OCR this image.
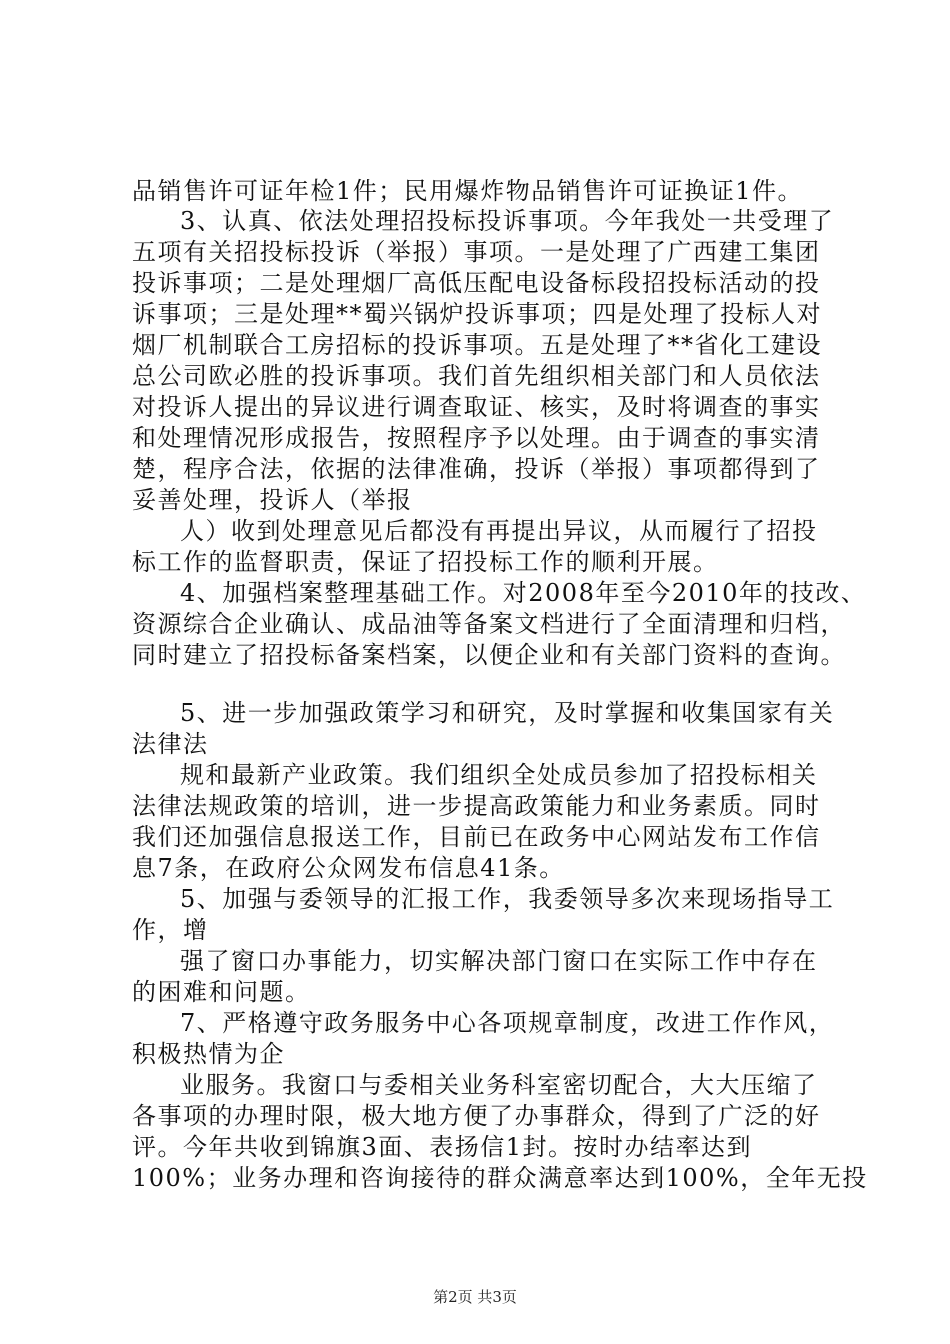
品销售许可证年检1件；民用爆炸物品销售许可证换证1件。
3、认真、依法处理招投标投诉事项。今年我处一共受理了
五项有关招投标投诉（举报）事项。一是处理了广西建工集团
投诉事项；二是处理烟厂高低压配电设备标段招投标活动的投
诉事项；三是处理**蜀兴锅炉投诉事项；四是处理了投标人对
烟厂机制联合工房招标的投诉事项。五是处理了**省化工建设
总公司欧必胜的投诉事项。我们首先组织相关部门和人员依法
对投诉人提出的异议进行调查取证、核实，及时将调查的事实
和处理情况形成报告，按照程序予以处理。由于调查的事实清
楚，程序合法，依据的法律准确，投诉（举报）事项都得到了
妥善处理，投诉人（举报
人）收到处理意见后都没有再提出异议，从而履行了招投
标工作的监督职责，保证了招投标工作的顺利开展。
4、加强档案整理基础工作。对2008年至今2010年的技改、
资源综合企业确认、成品油等备案文档进行了全面清理和归档，
同时建立了招投标备案档案，以便企业和有关部门资料的查询。
5、进一步加强政策学习和研究，及时掌握和收集国家有关
法律法
规和最新产业政策。我们组织全处成员参加了招投标相关
法律法规政策的培训，进一步提高政策能力和业务素质。同时
我们还加强信息报送工作，目前已在政务中心网站发布工作信
息7条，在政府公众网发布信息41条。
5、加强与委领导的汇报工作，我委领导多次来现场指导工
作，增
强了窗口办事能力，切实解决部门窗口在实际工作中存在
的困难和问题。
7、严格遵守政务服务中心各项规章制度，改进工作作风，
积极热情为企
业服务。我窗口与委相关业务科室密切配合，大大压缩了
各事项的办理时限，极大地方便了办事群众，得到了广泛的好
评。今年共收到锦旗3面、表扬信1封。按时办结率达到
100%；业务办理和咨询接待的群众满意率达到100%，全年无投
第2页 共3页
